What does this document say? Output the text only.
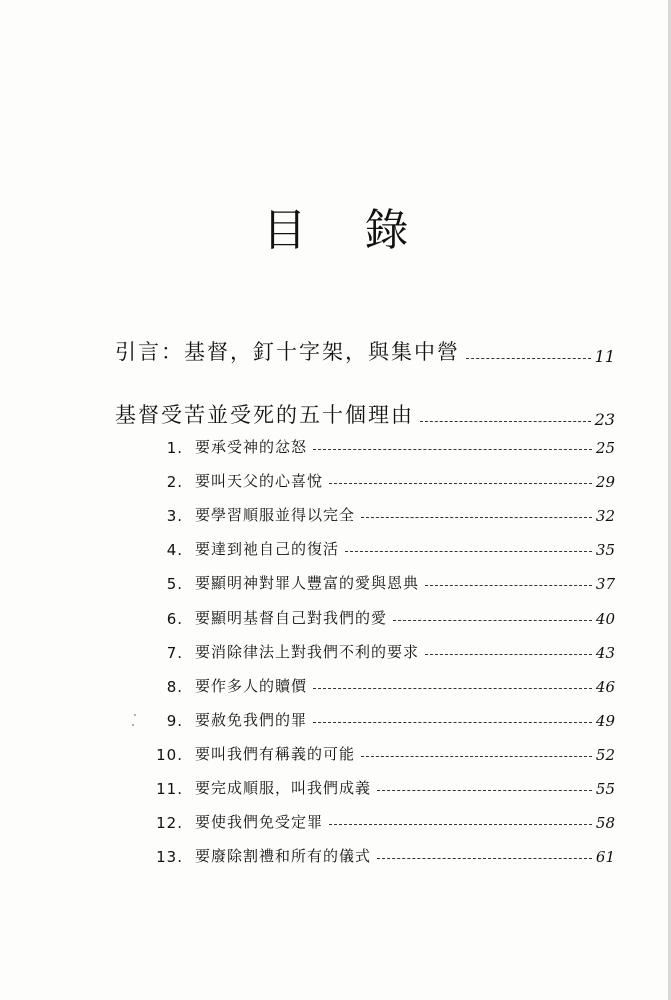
目 錄
引言：基督，釘十字架，與集中營	11
基督受苦並受死的五十個理由	23
1. 要承受神的忿怒	25
2. 要叫天父的心喜悅	29
3. 要學習順服並得以完全	32
4. 要達到祂自己的復活	35
5. 要顯明神對罪人豐富的愛與恩典	37
6. 要顯明基督自己對我們的愛	40
7. 要消除律法上對我們不利的要求	43
8. 要作多人的贖價	46
9. 要赦免我們的罪	49
10. 要叫我們有稱義的可能	52
11. 要完成順服，叫我們成義	55
12. 要使我們免受定罪	58
13. 要廢除割禮和所有的儀式	61
